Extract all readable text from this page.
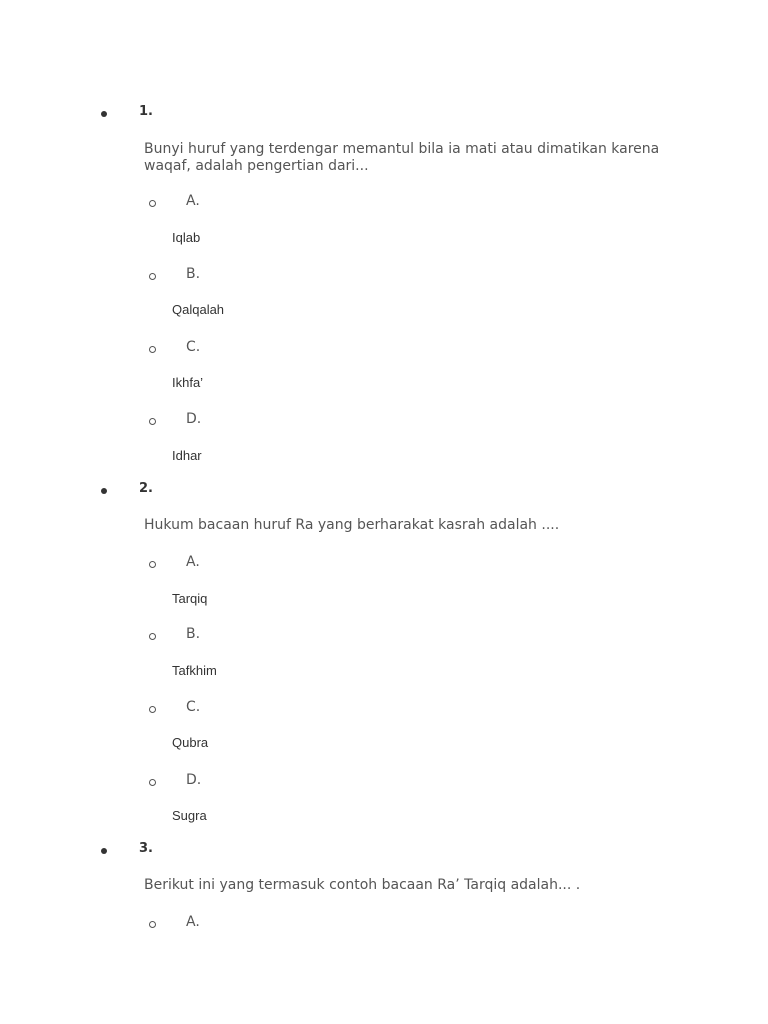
1.
Bunyi huruf yang terdengar memantul bila ia mati atau dimatikan karena waqaf, adalah pengertian dari...
A.
Iqlab
B.
Qalqalah
C.
Ikhfa’
D.
Idhar
2.
Hukum bacaan huruf Ra yang berharakat kasrah adalah ....
A.
Tarqiq
B.
Tafkhim
C.
Qubra
D.
Sugra
3.
Berikut ini yang termasuk contoh bacaan Ra’ Tarqiq adalah... .
A.
